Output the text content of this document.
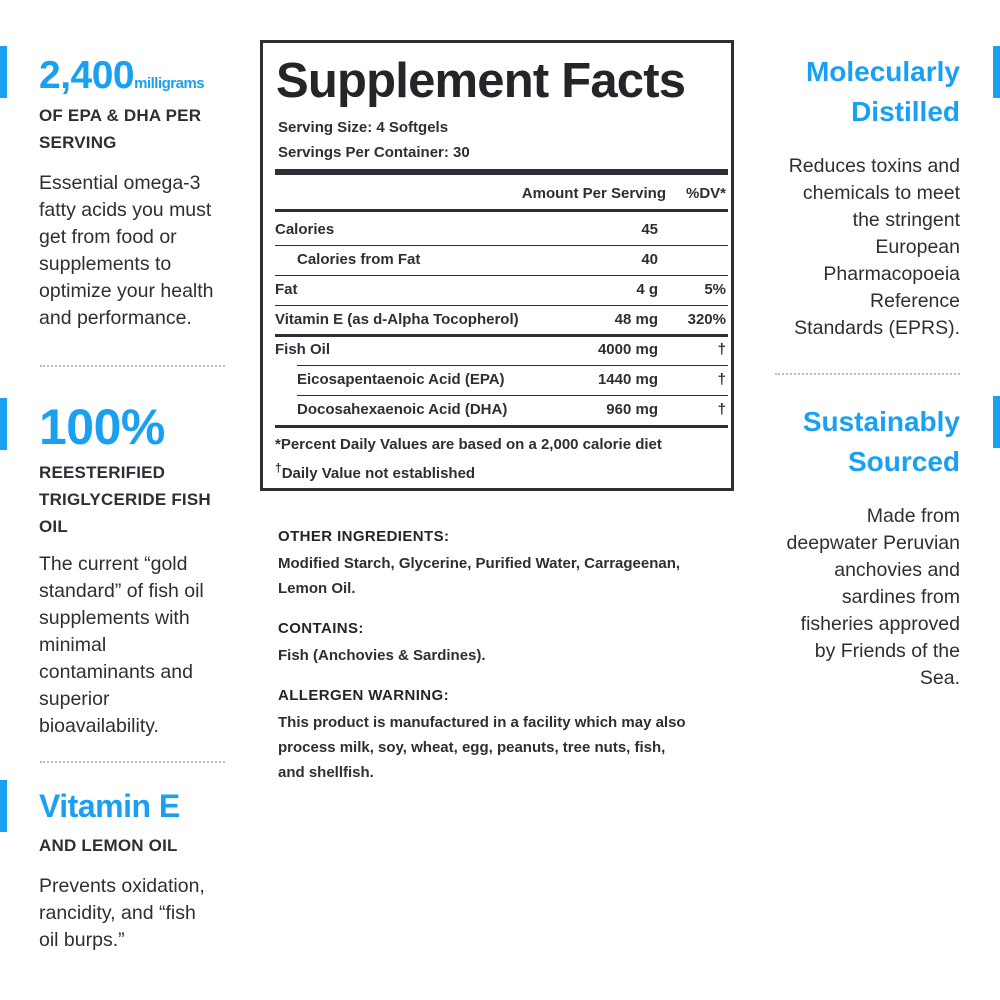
2,400milligrams
OF EPA & DHA PER
SERVING
Essential omega-3
fatty acids you must
get from food or
supplements to
optimize your health
and performance.
100%
REESTERIFIED
TRIGLYCERIDE FISH
OIL
The current “gold
standard” of fish oil
supplements with
minimal
contaminants and
superior
bioavailability.
Vitamin E
AND LEMON OIL
Prevents oxidation,
rancidity, and “fish
oil burps.”
Supplement Facts
Serving Size: 4 Softgels
Servings Per Container: 30
Amount Per Serving %DV*
Calories	45
Calories from Fat	40
Fat	4 g	5%
Vitamin E (as d-Alpha Tocopherol)	48 mg 320%
Fish Oil	4000 mg	†
Eicosapentaenoic Acid (EPA)	1440 mg	†
Docosahexaenoic Acid (DHA)	960 mg	†
*Percent Daily Values are based on a 2,000 calorie diet
†Daily Value not established
OTHER INGREDIENTS:
Modified Starch, Glycerine, Purified Water, Carrageenan,
Lemon Oil.
CONTAINS:
Fish (Anchovies & Sardines).
ALLERGEN WARNING:
This product is manufactured in a facility which may also
process milk, soy, wheat, egg, peanuts, tree nuts, fish,
and shellfish.
Molecularly
Distilled
Reduces toxins and
chemicals to meet
the stringent
European
Pharmacopoeia
Reference
Standards (EPRS).
Sustainably
Sourced
Made from
deepwater Peruvian
anchovies and
sardines from
fisheries approved
by Friends of the
Sea.
